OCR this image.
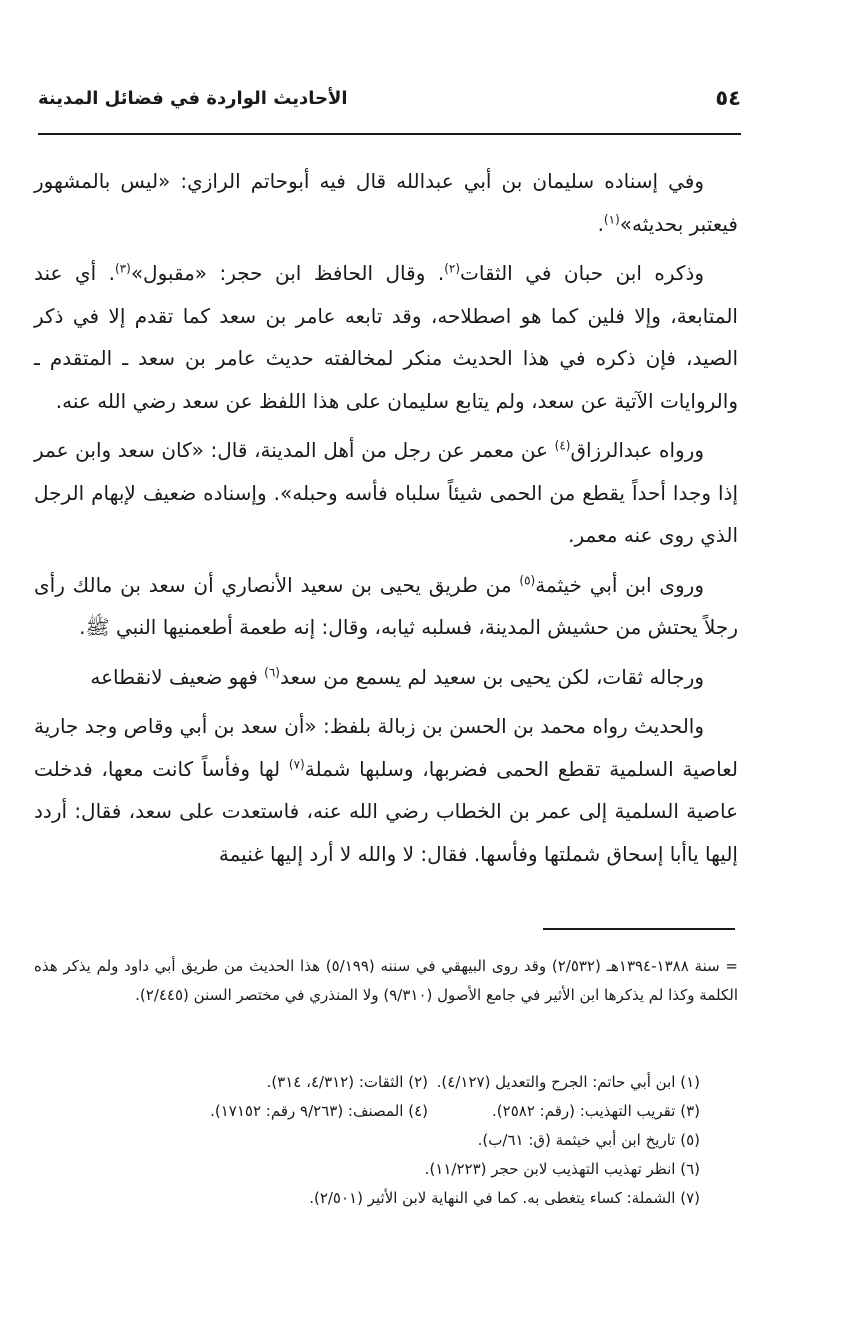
٥٤
الأحاديث الواردة في فضائل المدينة

وفي إسناده سليمان بن أبي عبدالله قال فيه أبوحاتم الرازي: «ليس بالمشهور فيعتبر بحديثه»$^{(١)}$.

وذكره ابن حبان في الثقات$^{(٢)}$. وقال الحافظ ابن حجر: «مقبول»$^{(٣)}$. أي عند المتابعة، وإلا فلين كما هو اصطلاحه، وقد تابعه عامر بن سعد كما تقدم إلا في ذكر الصيد، فإن ذكره في هذا الحديث منكر لمخالفته حديث عامر بن سعد ـ المتقدم ـ والروايات الآتية عن سعد، ولم يتابع سليمان على هذا اللفظ عن سعد رضي الله عنه.

ورواه عبدالرزاق$^{(٤)}$ عن معمر عن رجل من أهل المدينة، قال: «كان سعد وابن عمر إذا وجدا أحداً يقطع من الحمى شيئاً سلباه فأسه وحبله». وإسناده ضعيف لإبهام الرجل الذي روى عنه معمر.

وروى ابن أبي خيثمة$^{(٥)}$ من طريق يحيى بن سعيد الأنصاري أن سعد بن مالك رأى رجلاً يحتش من حشيش المدينة، فسلبه ثيابه، وقال: إنه طعمة أطعمنيها النبي ﷺ.

ورجاله ثقات، لكن يحيى بن سعيد لم يسمع من سعد$^{(٦)}$ فهو ضعيف لانقطاعه

والحديث رواه محمد بن الحسن بن زبالة بلفظ: «أن سعد بن أبي وقاص وجد جارية لعاصية السلمية تقطع الحمى فضربها، وسلبها شملة$^{(٧)}$ لها وفأساً كانت معها، فدخلت عاصية السلمية إلى عمر بن الخطاب رضي الله عنه، فاستعدت على سعد، فقال: أردد إليها ياأبا إسحاق شملتها وفأسها. فقال: لا والله لا أرد إليها غنيمة

= سنة ١٣٨٨-١٣٩٤هـ (٢/٥٣٢) وقد روى البيهقي في سننه (٥/١٩٩) هذا الحديث من طريق أبي داود ولم يذكر هذه الكلمة وكذا لم يذكرها ابن الأثير في جامع الأصول (٩/٣١٠) ولا المنذري في مختصر السنن (٢/٤٤٥).

(١) ابن أبي حاتم: الجرح والتعديل (٤/١٢٧).(٢) الثقات: (٤/٣١٢، ٣١٤).
(٣) تقريب التهذيب: (رقم: ٢٥٨٢).(٤) المصنف: (٩/٢٦٣ رقم: ١٧١٥٢).
(٥) تاريخ ابن أبي خيثمة (ق: ٦١/ب).
(٦) انظر تهذيب التهذيب لابن حجر (١١/٢٢٣).
(٧) الشملة: كساء يتغطى به. كما في النهاية لابن الأثير (٢/٥٠١).
